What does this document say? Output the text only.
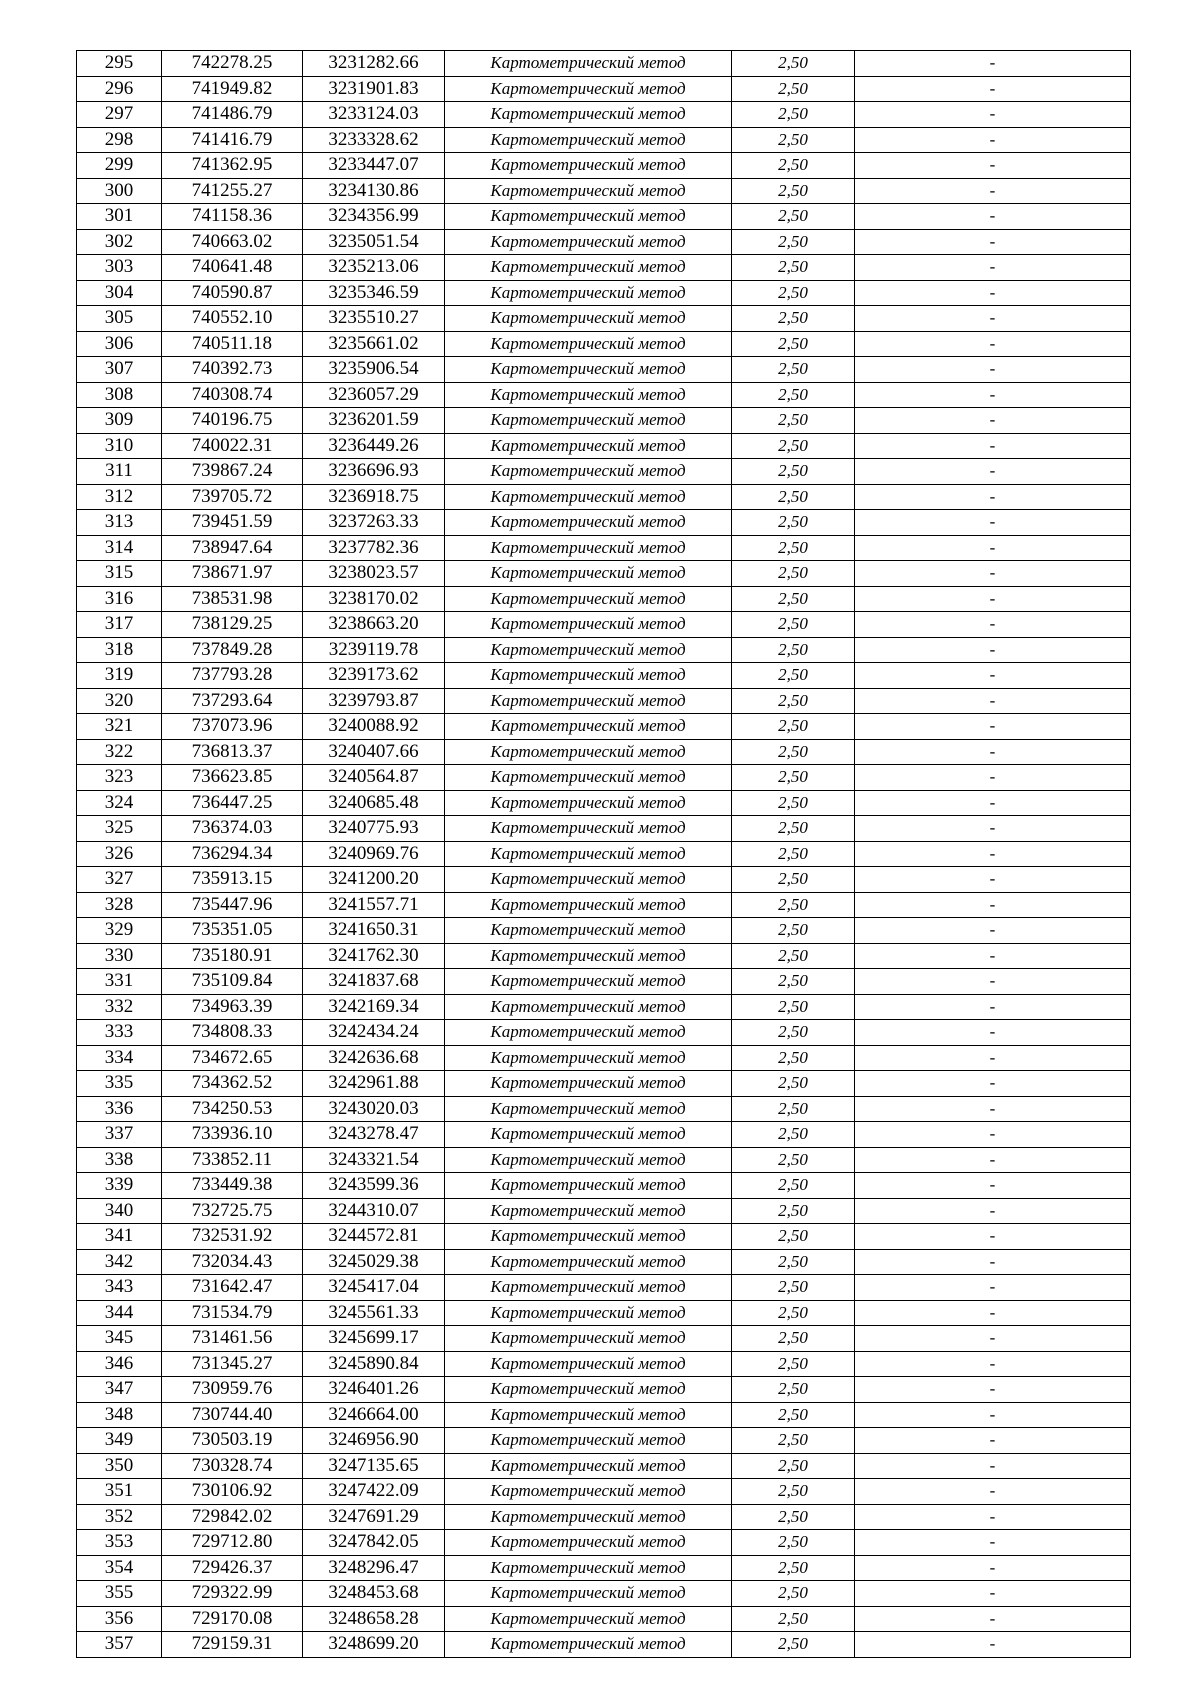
295	742278.25	3231282.66	Картометрический метод	2,50	-
296	741949.82	3231901.83	Картометрический метод	2,50	-
297	741486.79	3233124.03	Картометрический метод	2,50	-
298	741416.79	3233328.62	Картометрический метод	2,50	-
299	741362.95	3233447.07	Картометрический метод	2,50	-
300	741255.27	3234130.86	Картометрический метод	2,50	-
301	741158.36	3234356.99	Картометрический метод	2,50	-
302	740663.02	3235051.54	Картометрический метод	2,50	-
303	740641.48	3235213.06	Картометрический метод	2,50	-
304	740590.87	3235346.59	Картометрический метод	2,50	-
305	740552.10	3235510.27	Картометрический метод	2,50	-
306	740511.18	3235661.02	Картометрический метод	2,50	-
307	740392.73	3235906.54	Картометрический метод	2,50	-
308	740308.74	3236057.29	Картометрический метод	2,50	-
309	740196.75	3236201.59	Картометрический метод	2,50	-
310	740022.31	3236449.26	Картометрический метод	2,50	-
311	739867.24	3236696.93	Картометрический метод	2,50	-
312	739705.72	3236918.75	Картометрический метод	2,50	-
313	739451.59	3237263.33	Картометрический метод	2,50	-
314	738947.64	3237782.36	Картометрический метод	2,50	-
315	738671.97	3238023.57	Картометрический метод	2,50	-
316	738531.98	3238170.02	Картометрический метод	2,50	-
317	738129.25	3238663.20	Картометрический метод	2,50	-
318	737849.28	3239119.78	Картометрический метод	2,50	-
319	737793.28	3239173.62	Картометрический метод	2,50	-
320	737293.64	3239793.87	Картометрический метод	2,50	-
321	737073.96	3240088.92	Картометрический метод	2,50	-
322	736813.37	3240407.66	Картометрический метод	2,50	-
323	736623.85	3240564.87	Картометрический метод	2,50	-
324	736447.25	3240685.48	Картометрический метод	2,50	-
325	736374.03	3240775.93	Картометрический метод	2,50	-
326	736294.34	3240969.76	Картометрический метод	2,50	-
327	735913.15	3241200.20	Картометрический метод	2,50	-
328	735447.96	3241557.71	Картометрический метод	2,50	-
329	735351.05	3241650.31	Картометрический метод	2,50	-
330	735180.91	3241762.30	Картометрический метод	2,50	-
331	735109.84	3241837.68	Картометрический метод	2,50	-
332	734963.39	3242169.34	Картометрический метод	2,50	-
333	734808.33	3242434.24	Картометрический метод	2,50	-
334	734672.65	3242636.68	Картометрический метод	2,50	-
335	734362.52	3242961.88	Картометрический метод	2,50	-
336	734250.53	3243020.03	Картометрический метод	2,50	-
337	733936.10	3243278.47	Картометрический метод	2,50	-
338	733852.11	3243321.54	Картометрический метод	2,50	-
339	733449.38	3243599.36	Картометрический метод	2,50	-
340	732725.75	3244310.07	Картометрический метод	2,50	-
341	732531.92	3244572.81	Картометрический метод	2,50	-
342	732034.43	3245029.38	Картометрический метод	2,50	-
343	731642.47	3245417.04	Картометрический метод	2,50	-
344	731534.79	3245561.33	Картометрический метод	2,50	-
345	731461.56	3245699.17	Картометрический метод	2,50	-
346	731345.27	3245890.84	Картометрический метод	2,50	-
347	730959.76	3246401.26	Картометрический метод	2,50	-
348	730744.40	3246664.00	Картометрический метод	2,50	-
349	730503.19	3246956.90	Картометрический метод	2,50	-
350	730328.74	3247135.65	Картометрический метод	2,50	-
351	730106.92	3247422.09	Картометрический метод	2,50	-
352	729842.02	3247691.29	Картометрический метод	2,50	-
353	729712.80	3247842.05	Картометрический метод	2,50	-
354	729426.37	3248296.47	Картометрический метод	2,50	-
355	729322.99	3248453.68	Картометрический метод	2,50	-
356	729170.08	3248658.28	Картометрический метод	2,50	-
357	729159.31	3248699.20	Картометрический метод	2,50	-
